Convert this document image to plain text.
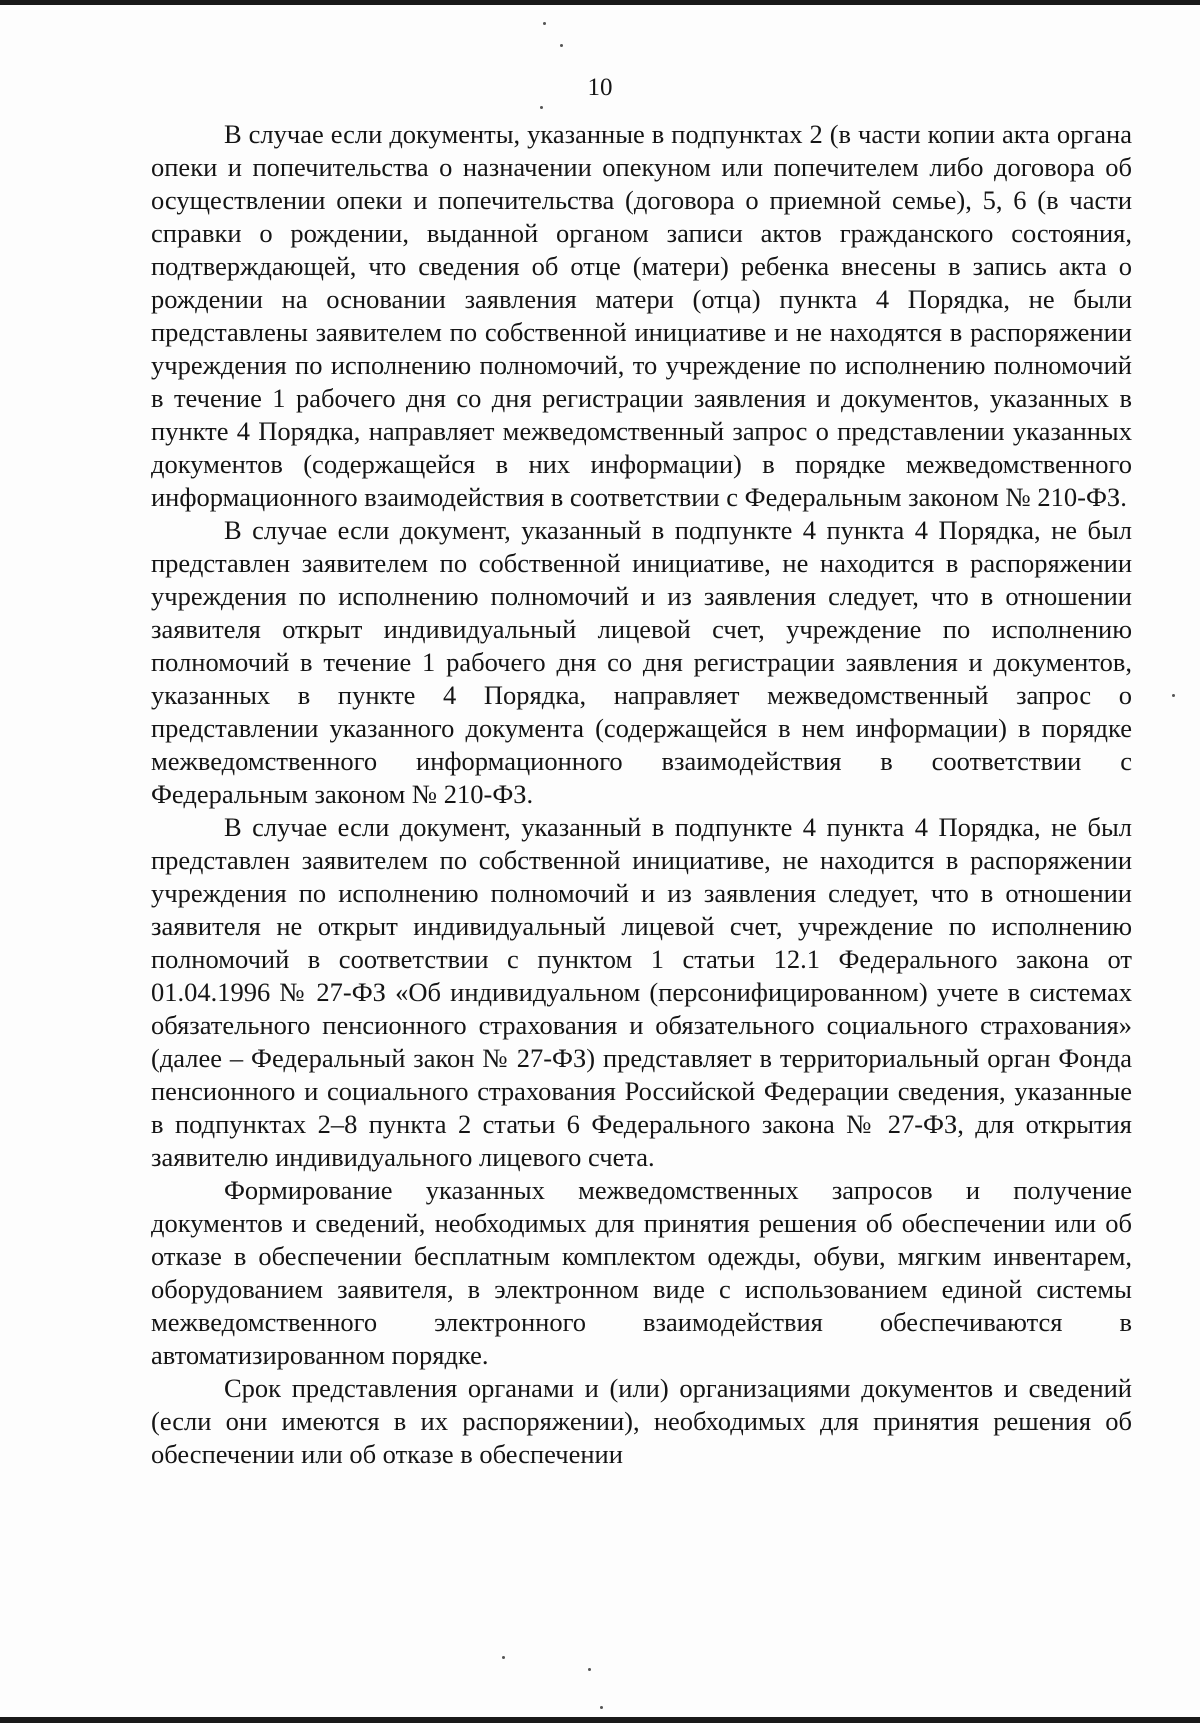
10

В случае если документы, указанные в подпунктах 2 (в части копии акта органа опеки и попечительства о назначении опекуном или попечителем либо договора об осуществлении опеки и попечительства (договора о приемной семье), 5, 6 (в части справки о рождении, выданной органом записи актов гражданского состояния, подтверждающей, что сведения об отце (матери) ребенка внесены в запись акта о рождении на основании заявления матери (отца) пункта 4 Порядка, не были представлены заявителем по собственной инициативе и не находятся в распоряжении учреждения по исполнению полномочий, то учреждение по исполнению полномочий в течение 1 рабочего дня со дня регистрации заявления и документов, указанных в пункте 4 Порядка, направляет межведомственный запрос о представлении указанных документов (содержащейся в них информации) в порядке межведомственного информационного взаимодействия в соответствии с Федеральным законом № 210-ФЗ.

В случае если документ, указанный в подпункте 4 пункта 4 Порядка, не был представлен заявителем по собственной инициативе, не находится в распоряжении учреждения по исполнению полномочий и из заявления следует, что в отношении заявителя открыт индивидуальный лицевой счет, учреждение по исполнению полномочий в течение 1 рабочего дня со дня регистрации заявления и документов, указанных в пункте 4 Порядка, направляет межведомственный запрос о представлении указанного документа (содержащейся в нем информации) в порядке межведомственного информационного взаимодействия в соответствии с Федеральным законом № 210-ФЗ.

В случае если документ, указанный в подпункте 4 пункта 4 Порядка, не был представлен заявителем по собственной инициативе, не находится в распоряжении учреждения по исполнению полномочий и из заявления следует, что в отношении заявителя не открыт индивидуальный лицевой счет, учреждение по исполнению полномочий в соответствии с пунктом 1 статьи 12.1 Федерального закона от 01.04.1996 № 27-ФЗ «Об индивидуальном (персонифицированном) учете в системах обязательного пенсионного страхования и обязательного социального страхования» (далее – Федеральный закон № 27-ФЗ) представляет в территориальный орган Фонда пенсионного и социального страхования Российской Федерации сведения, указанные в подпунктах 2–8 пункта 2 статьи 6 Федерального закона № 27-ФЗ, для открытия заявителю индивидуального лицевого счета.

Формирование указанных межведомственных запросов и получение документов и сведений, необходимых для принятия решения об обеспечении или об отказе в обеспечении бесплатным комплектом одежды, обуви, мягким инвентарем, оборудованием заявителя, в электронном виде с использованием единой системы межведомственного электронного взаимодействия обеспечиваются в автоматизированном порядке.

Срок представления органами и (или) организациями документов и сведений (если они имеются в их распоряжении), необходимых для принятия решения об обеспечении или об отказе в обеспечении
